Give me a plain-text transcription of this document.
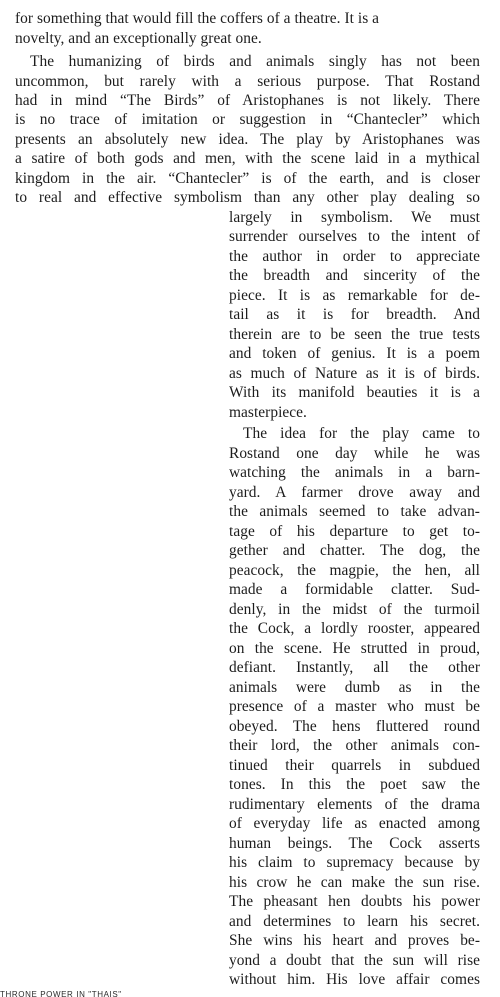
for something that would fill the coffers of a theatre. It is a
novelty, and an exceptionally great one.
The humanizing of birds and animals singly has not been
uncommon, but rarely with a serious purpose. That Rostand
had in mind “The Birds” of Aristophanes is not likely. There
is no trace of imitation or suggestion in “Chantecler” which
presents an absolutely new idea. The play by Aristophanes was
a satire of both gods and men, with the scene laid in a mythical
kingdom in the air. “Chantecler” is of the earth, and is closer
to real and effective symbolism than any other play dealing so
largely in symbolism. We must
surrender ourselves to the intent of
the author in order to appreciate
the breadth and sincerity of the
piece. It is as remarkable for de-
tail as it is for breadth. And
therein are to be seen the true tests
and token of genius. It is a poem
as much of Nature as it is of birds.
With its manifold beauties it is a
masterpiece.
The idea for the play came to
Rostand one day while he was
watching the animals in a barn-
yard. A farmer drove away and
the animals seemed to take advan-
tage of his departure to get to-
gether and chatter. The dog, the
peacock, the magpie, the hen, all
made a formidable clatter. Sud-
denly, in the midst of the turmoil
the Cock, a lordly rooster, appeared
on the scene. He strutted in proud,
defiant. Instantly, all the other
animals were dumb as in the
presence of a master who must be
obeyed. The hens fluttered round
their lord, the other animals con-
tinued their quarrels in subdued
tones. In this the poet saw the
rudimentary elements of the drama
of everyday life as enacted among
human beings. The Cock asserts
his claim to supremacy because by
his crow he can make the sun rise.
The pheasant hen doubts his power
and determines to learn his secret.
She wins his heart and proves be-
yond a doubt that the sun will rise
without him. His love affair comes
THRONE POWER IN "THAIS"
